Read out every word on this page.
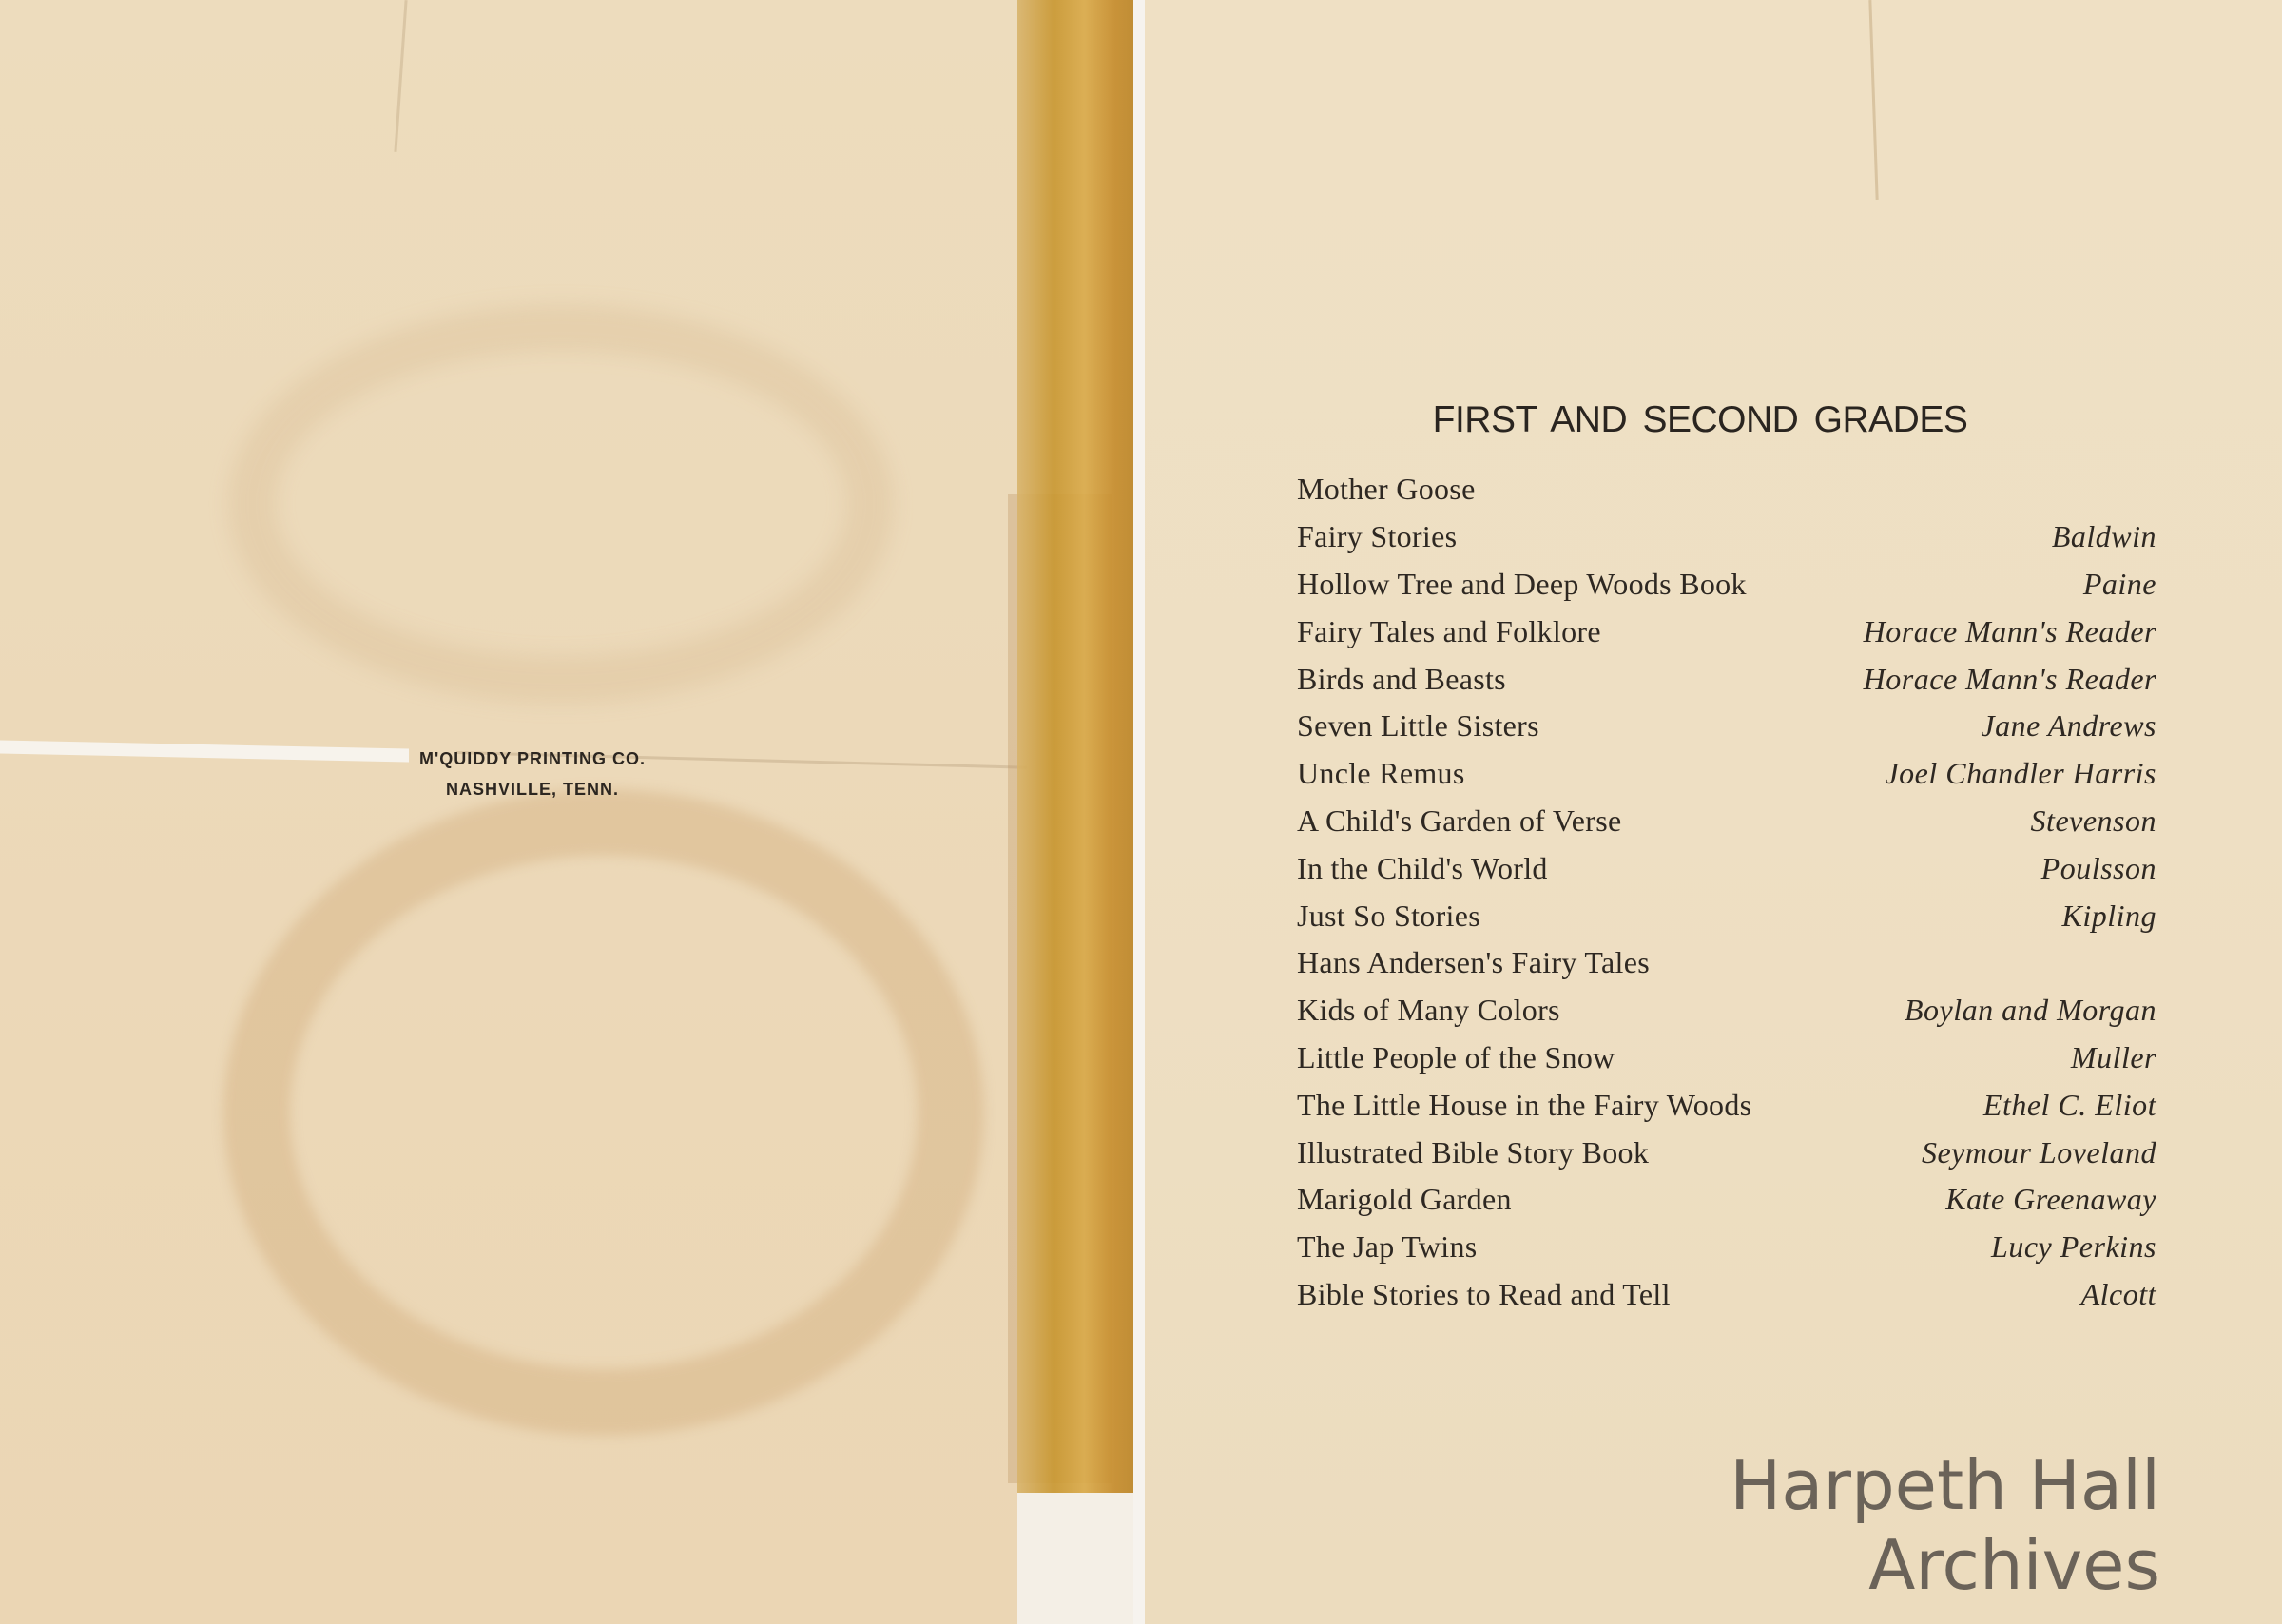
M'QUIDDY PRINTING CO.
NASHVILLE, TENN.
FIRST AND SECOND GRADES
Mother Goose
Fairy Stories	Baldwin
Hollow Tree and Deep Woods Book	Paine
Fairy Tales and Folklore	Horace Mann's Reader
Birds and Beasts	Horace Mann's Reader
Seven Little Sisters	Jane Andrews
Uncle Remus	Joel Chandler Harris
A Child's Garden of Verse	Stevenson
In the Child's World	Poulsson
Just So Stories	Kipling
Hans Andersen's Fairy Tales
Kids of Many Colors	Boylan and Morgan
Little People of the Snow	Muller
The Little House in the Fairy Woods	Ethel C. Eliot
Illustrated Bible Story Book	Seymour Loveland
Marigold Garden	Kate Greenaway
The Jap Twins	Lucy Perkins
Bible Stories to Read and Tell	Alcott
Harpeth Hall Archives
